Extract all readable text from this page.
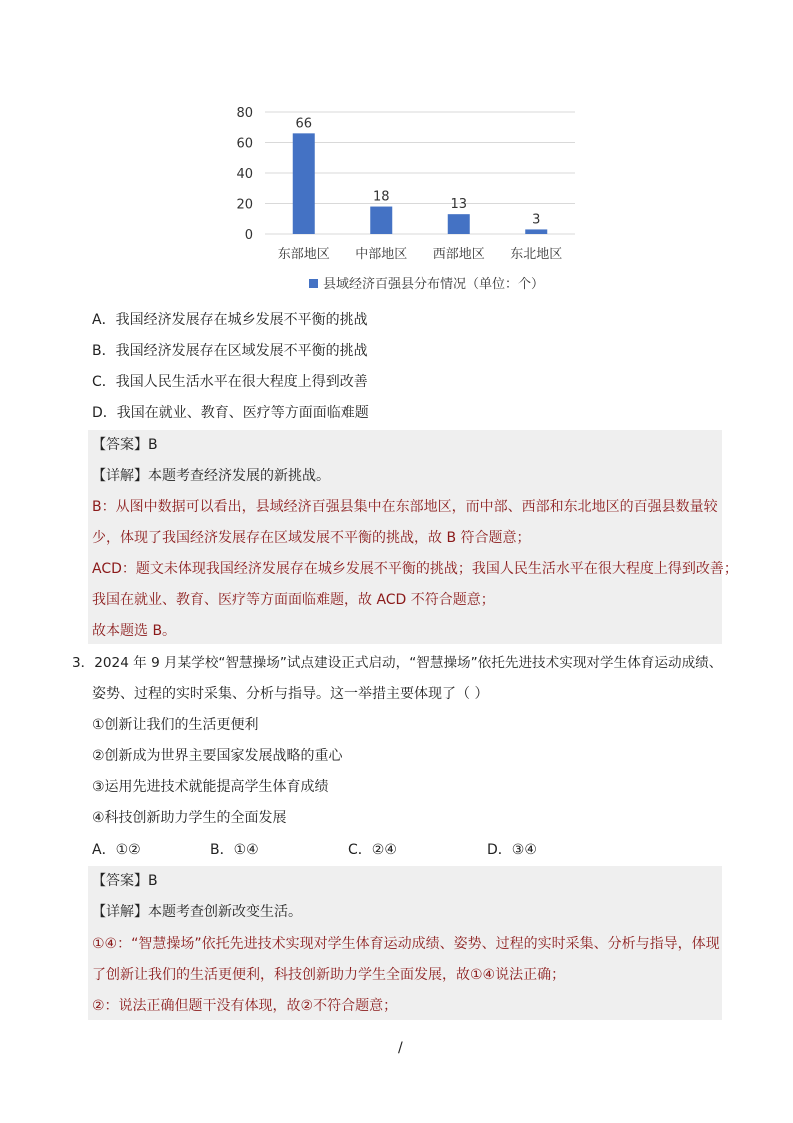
0
20
40
60
80
66
18
13
3
东部地区 中部地区 西部地区 东北地区
县域经济百强县分布情况（单位：个）
A．我国经济发展存在城乡发展不平衡的挑战
B．我国经济发展存在区域发展不平衡的挑战
C．我国人民生活水平在很大程度上得到改善
D．我国在就业、教育、医疗等方面面临难题
【答案】B
【详解】本题考查经济发展的新挑战。
B：从图中数据可以看出，县域经济百强县集中在东部地区，而中部、西部和东北地区的百强县数量较
少，体现了我国经济发展存在区域发展不平衡的挑战，故 B 符合题意；
ACD：题文未体现我国经济发展存在城乡发展不平衡的挑战；我国人民生活水平在很大程度上得到改善；
我国在就业、教育、医疗等方面面临难题，故 ACD 不符合题意；
故本题选 B。
3．2024 年 9 月某学校“智慧操场”试点建设正式启动，“智慧操场”依托先进技术实现对学生体育运动成绩、
姿势、过程的实时采集、分析与指导。这一举措主要体现了（ ）
①创新让我们的生活更便利
②创新成为世界主要国家发展战略的重心
③运用先进技术就能提高学生体育成绩
④科技创新助力学生的全面发展
A．①②	B．①④	C．②④	D．③④
【答案】B
【详解】本题考查创新改变生活。
①④：“智慧操场”依托先进技术实现对学生体育运动成绩、姿势、过程的实时采集、分析与指导，体现
了创新让我们的生活更便利，科技创新助力学生全面发展，故①④说法正确；
②：说法正确但题干没有体现，故②不符合题意；
/
